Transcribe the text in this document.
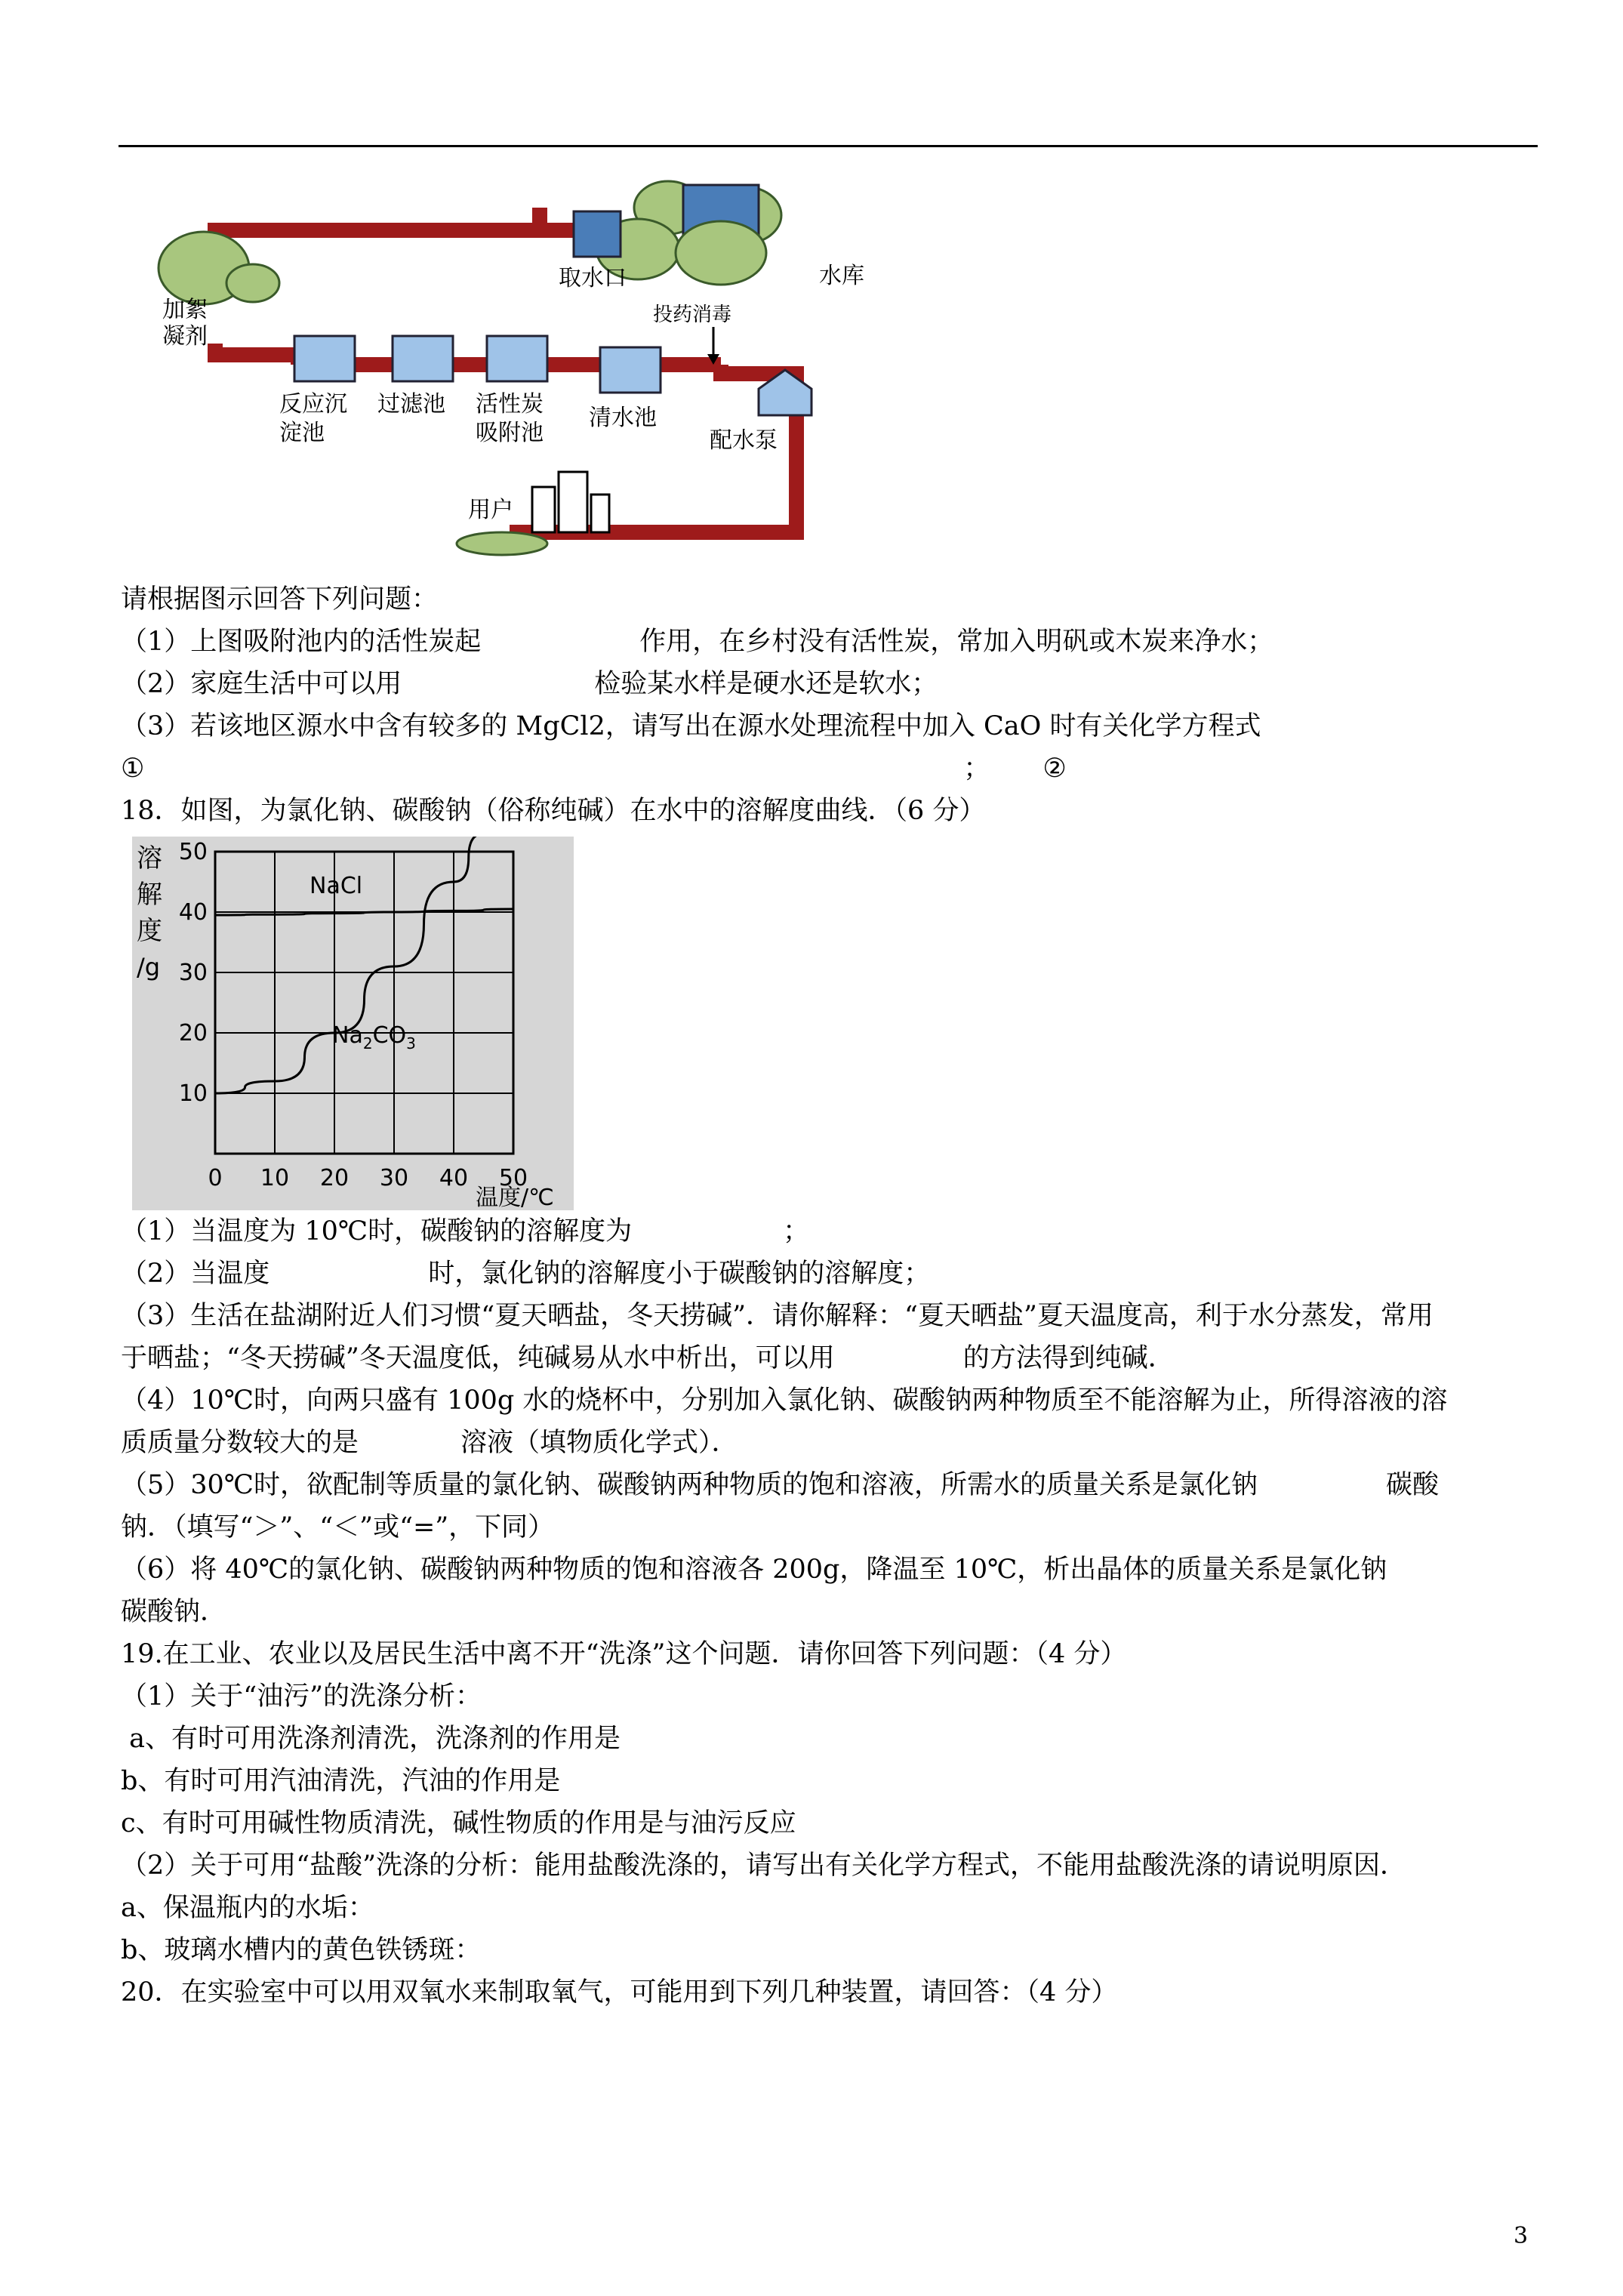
加絮
凝剂
取水口	水库
投药消毒
反应沉
淀池
过滤池 活性炭
吸附池
清水池
配水泵
用户
请根据图示回答下列问题：
（1）上图吸附池内的活性炭起	作用，在乡村没有活性炭，常加入明矾或木炭来净水；
（2）家庭生活中可以用	检验某水样是硬水还是软水；
（3）若该地区源水中含有较多的 MgCl2，请写出在源水处理流程中加入 CaO 时有关化学方程式
①	； ②
18．如图，为氯化钠、碳酸钠（俗称纯碱）在水中的溶解度曲线．（6 分）
0 10 20 30 40 50
10
20
30
40
50
溶
解
度
/g
温度/℃
NaCl
$Na_2CO_3$
（1）当温度为 10℃时，碳酸钠的溶解度为	；
（2）当温度	时，氯化钠的溶解度小于碳酸钠的溶解度；
（3）生活在盐湖附近人们习惯“夏天晒盐，冬天捞碱”．请你解释：“夏天晒盐”夏天温度高，利于水分蒸发，常用
于晒盐；“冬天捞碱”冬天温度低，纯碱易从水中析出，可以用	的方法得到纯碱．
（4）10℃时，向两只盛有 100g 水的烧杯中，分别加入氯化钠、碳酸钠两种物质至不能溶解为止，所得溶液的溶
质质量分数较大的是	溶液（填物质化学式）．
（5）30℃时，欲配制等质量的氯化钠、碳酸钠两种物质的饱和溶液，所需水的质量关系是氯化钠	碳酸
钠．（填写“＞”、“＜”或“=”，下同）
（6）将 40℃的氯化钠、碳酸钠两种物质的饱和溶液各 200g，降温至 10℃，析出晶体的质量关系是氯化钠
碳酸钠．
19.在工业、农业以及居民生活中离不开“洗涤”这个问题．请你回答下列问题：（4 分）
（1）关于“油污”的洗涤分析：
a、有时可用洗涤剂清洗，洗涤剂的作用是
b、有时可用汽油清洗，汽油的作用是
c、有时可用碱性物质清洗，碱性物质的作用是与油污反应
（2）关于可用“盐酸”洗涤的分析：能用盐酸洗涤的，请写出有关化学方程式，不能用盐酸洗涤的请说明原因．
a、保温瓶内的水垢：
b、玻璃水槽内的黄色铁锈斑：
20．在实验室中可以用双氧水来制取氧气，可能用到下列几种装置，请回答：（4 分）
3
